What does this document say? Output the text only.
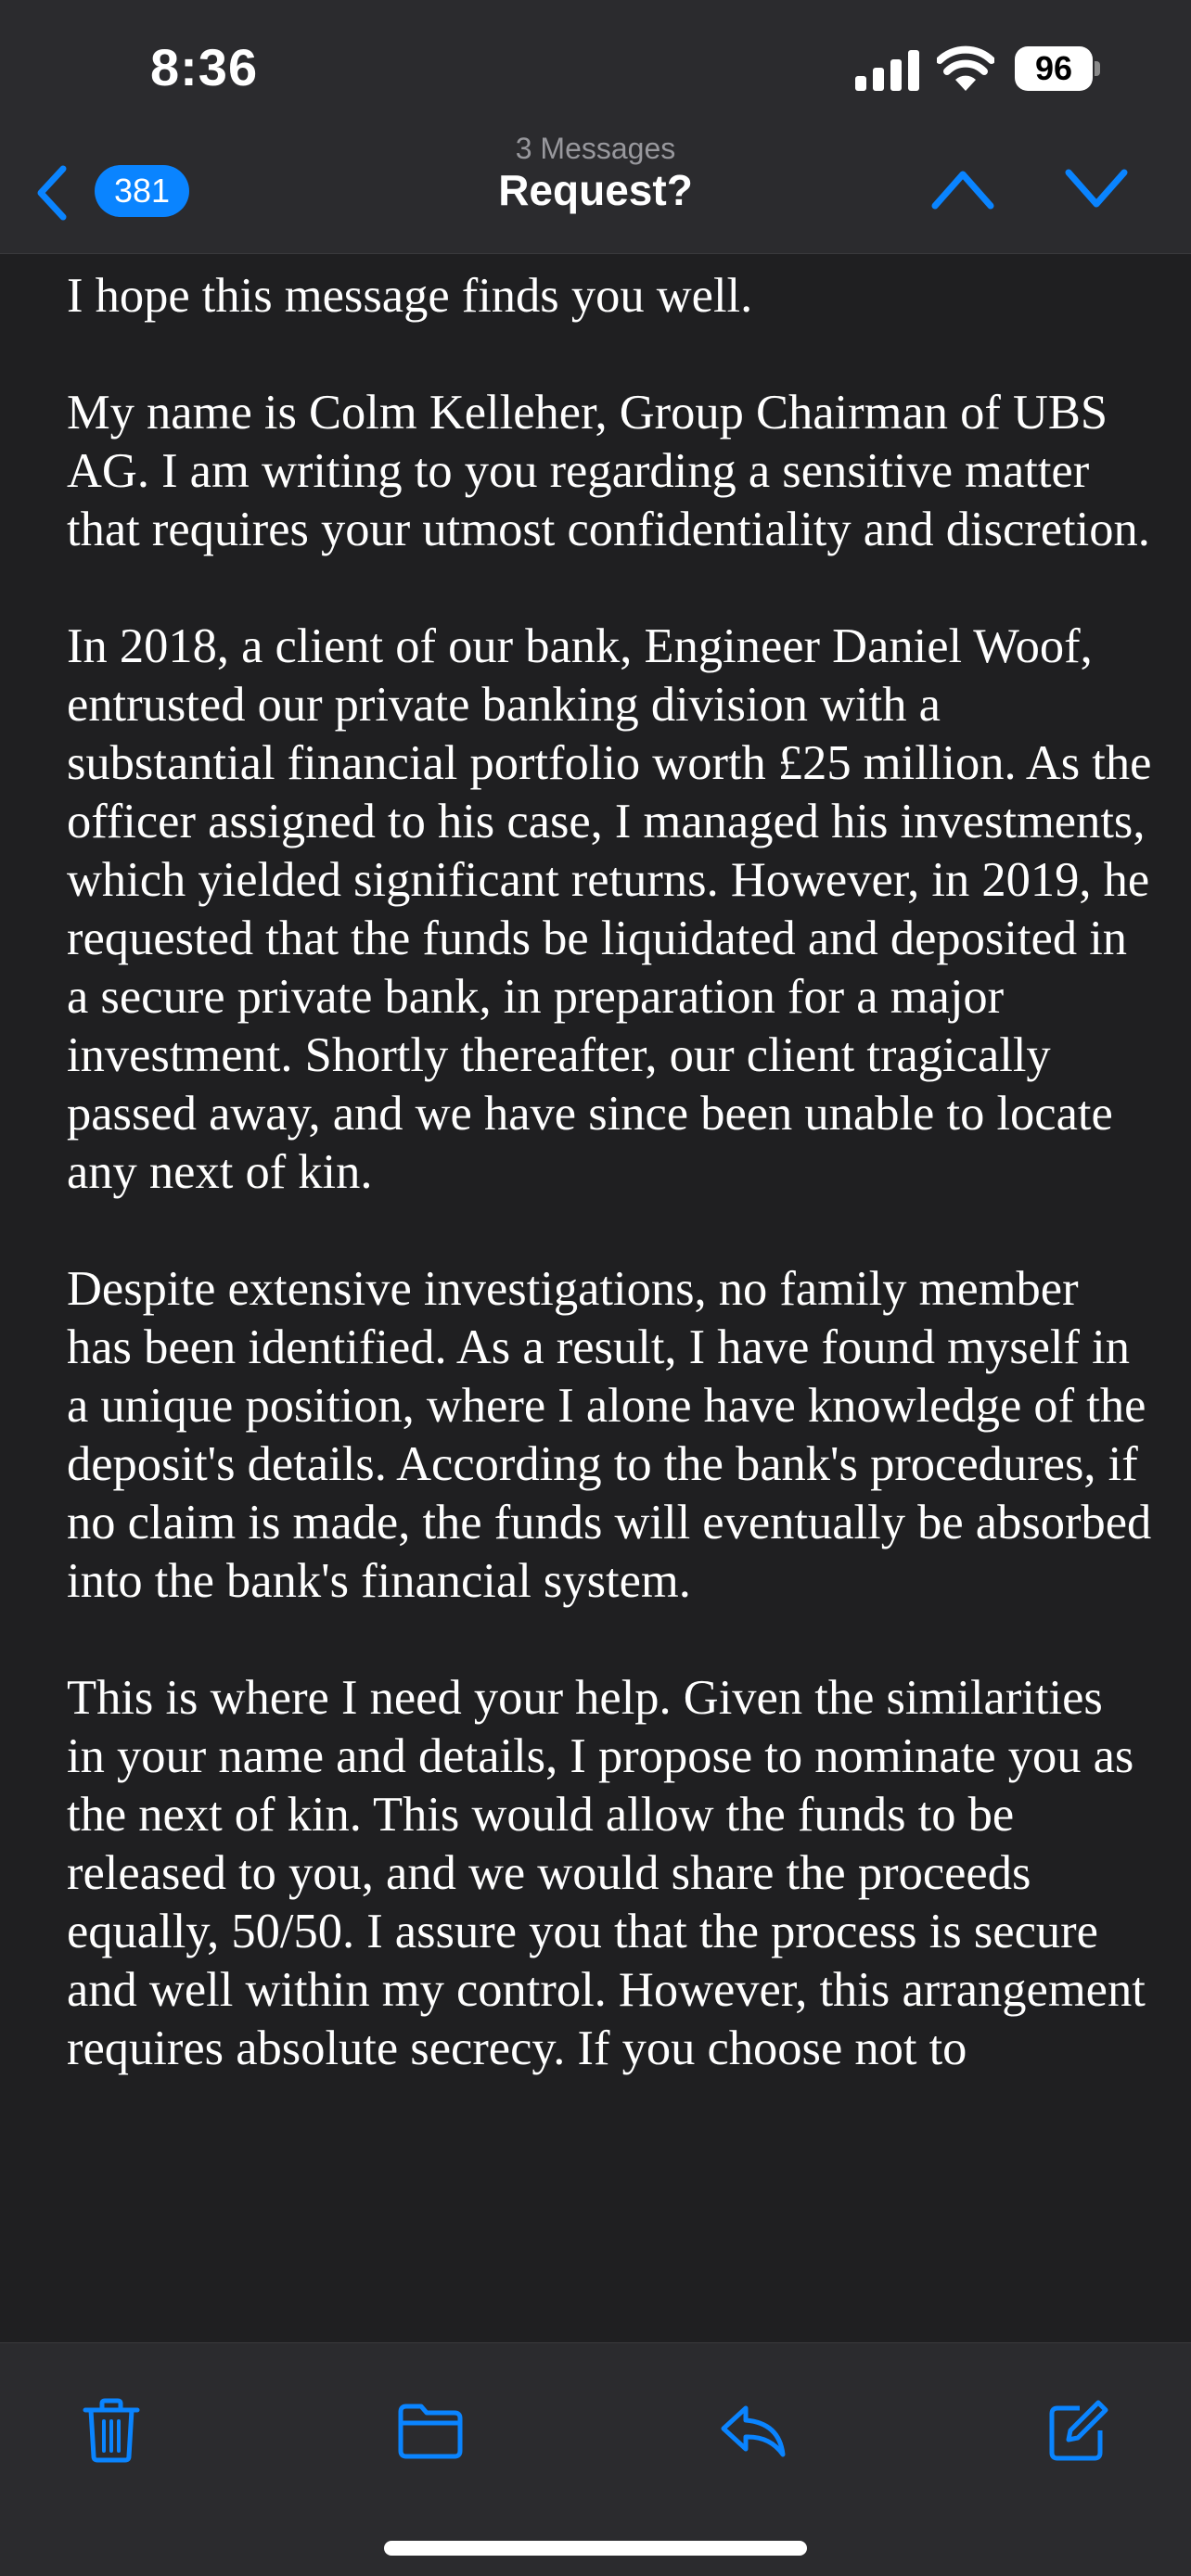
8:36	96
381
3 Messages
Request?

I hope this message finds you well.

My name is Colm Kelleher, Group Chairman of UBS AG. I am writing to you regarding a sensitive matter that requires your utmost confidentiality and discretion.

In 2018, a client of our bank, Engineer Daniel Woof, entrusted our private banking division with a substantial financial portfolio worth £25 million. As the officer assigned to his case, I managed his investments, which yielded significant returns. However, in 2019, he requested that the funds be liquidated and deposited in a secure private bank, in preparation for a major investment. Shortly thereafter, our client tragically passed away, and we have since been unable to locate any next of kin.

Despite extensive investigations, no family member has been identified. As a result, I have found myself in a unique position, where I alone have knowledge of the deposit's details. According to the bank's procedures, if no claim is made, the funds will eventually be absorbed into the bank's financial system.

This is where I need your help. Given the similarities in your name and details, I propose to nominate you as the next of kin. This would allow the funds to be released to you, and we would share the proceeds equally, 50/50. I assure you that the process is secure and well within my control. However, this arrangement requires absolute secrecy. If you choose not to
